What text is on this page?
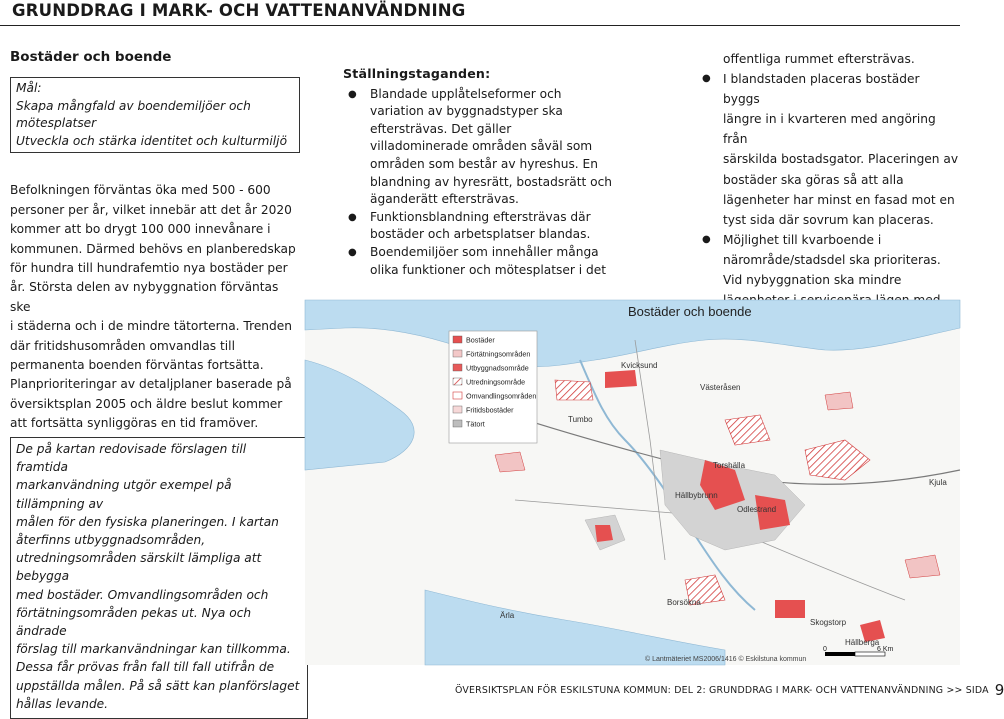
GRUNDDRAG I MARK- OCH VATTENANVÄNDNING
Bostäder och boende
Mål:
Skapa mångfald av boendemiljöer och
mötesplatser
Utveckla och stärka identitet och kulturmiljö

Befolkningen förväntas öka med 500 - 600

personer per år, vilket innebär att det år 2020

kommer att bo drygt 100 000 innevånare i

kommunen. Därmed behövs en planberedskap

för hundra till hundrafemtio nya bostäder per

år. Största delen av nybyggnation förväntas ske

i städerna och i de mindre tätorterna. Trenden

där fritidshusområden omvandlas till

permanenta boenden förväntas fortsätta.

Planprioriteringar av detaljplaner baserade på

översiktsplan 2005 och äldre beslut kommer

att fortsätta synliggöras en tid framöver.

De på kartan redovisade förslagen till framtida
markanvändning utgör exempel på tillämpning av
målen för den fysiska planeringen. I kartan
återfinns utbyggnadsområden,
utredningsområden särskilt lämpliga att bebygga
med bostäder. Omvandlingsområden och
förtätningsområden pekas ut. Nya och ändrade
förslag till markanvändningar kan tillkomma.
Dessa får prövas från fall till fall utifrån de
uppställda målen. På så sätt kan planförslaget
hållas levande.
Ställningstaganden:
● Blandade upplåtelseformer och
variation av byggnadstyper ska
eftersträvas. Det gäller
villadominerade områden såväl som
områden som består av hyreshus. En
blandning av hyresrätt, bostadsrätt och
äganderätt eftersträvas.
● Funktionsblandning eftersträvas där
bostäder och arbetsplatser blandas.
● Boendemiljöer som innehåller många
olika funktioner och mötesplatser i det
offentliga rummet eftersträvas.
● I blandstaden placeras bostäder byggs
längre in i kvarteren med angöring från
särskilda bostadsgator. Placeringen av
bostäder ska göras så att alla
lägenheter har minst en fasad mot en
tyst sida där sovrum kan placeras.
● Möjlighet till kvarboende i
närområde/stadsdel ska prioriteras.
Vid nybyggnation ska mindre
Bostäder och boende
Kvicksund
Tumbo
Västeråsen
Hällbybrunn
Odlestrand
Torshälla
Borsökna
Kjula
Skogstorp
Hällberga
Ärla
Bostäder
Förtätningsområden
Utbyggnadsområde
Utredningsområde
Omvandlingsområden
Fritidsbostäder
Tätort
© Lantmäteriet MS2006/1416 © Eskilstuna kommun
0	6 Km
ÖVERSIKTSPLAN FÖR ESKILSTUNA KOMMUN: DEL 2: GRUNDDRAG I MARK- OCH VATTENANVÄNDNING >> SIDA 9
